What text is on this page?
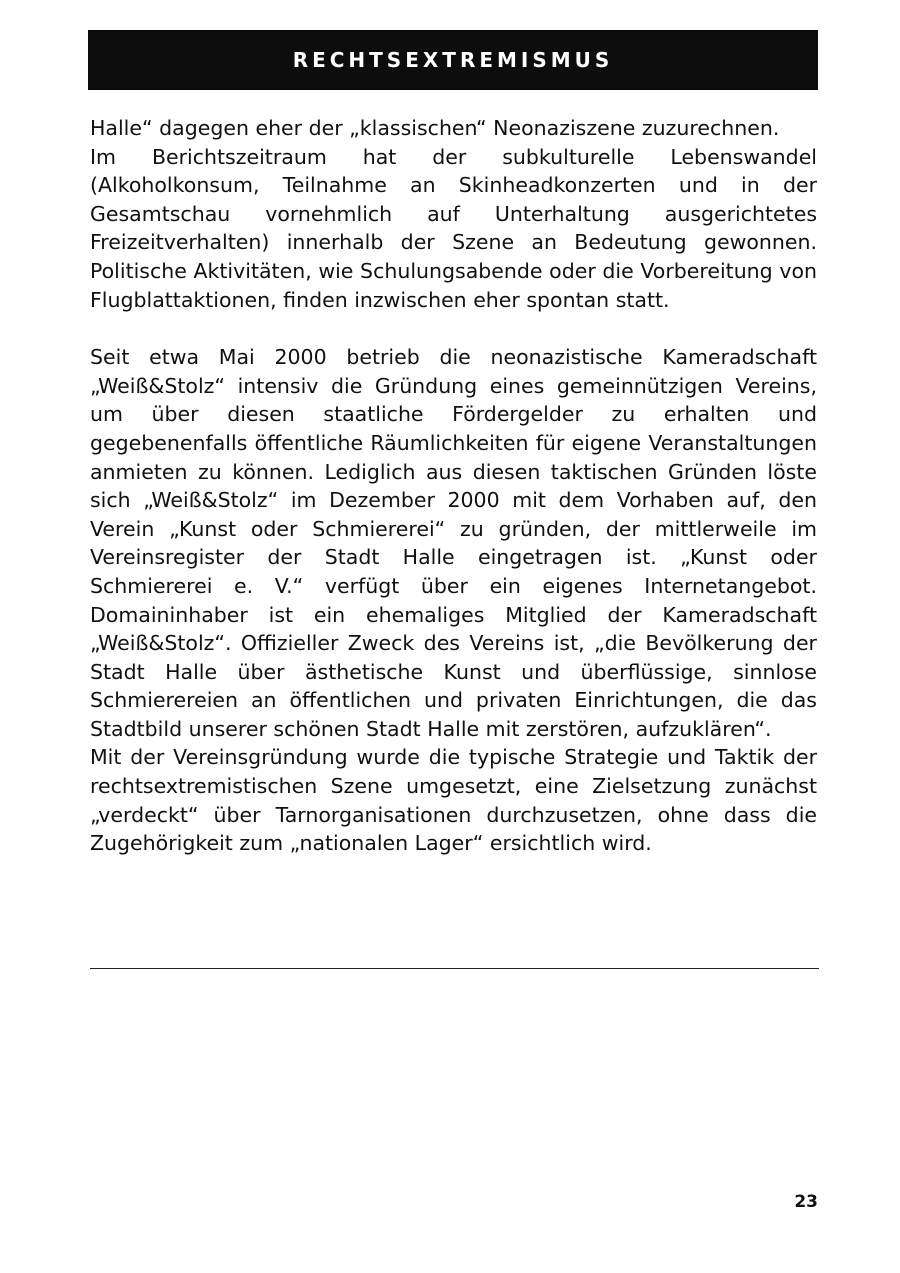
RECHTSEXTREMISMUS

Halle“ dagegen eher der „klassischen“ Neonaziszene zuzurechnen.

Im Berichtszeitraum hat der subkulturelle Lebenswandel (Alkoholkonsum, Teilnahme an Skinheadkonzerten und in der Gesamtschau vornehmlich auf Unterhaltung ausgerichtetes Freizeitverhalten) innerhalb der Szene an Bedeutung gewonnen. Politische Aktivitäten, wie Schulungsabende oder die Vorbereitung von Flugblattaktionen, finden inzwischen eher spontan statt.

Seit etwa Mai 2000 betrieb die neonazistische Kameradschaft „Weiß&Stolz“ intensiv die Gründung eines gemeinnützigen Vereins, um über diesen staatliche Fördergelder zu erhalten und gegebenenfalls öffentliche Räumlichkeiten für eigene Veranstaltungen anmieten zu können. Lediglich aus diesen taktischen Gründen löste sich „Weiß&Stolz“ im Dezember 2000 mit dem Vorhaben auf, den Verein „Kunst oder Schmiererei“ zu gründen, der mittlerweile im Vereinsregister der Stadt Halle eingetragen ist. „Kunst oder Schmiererei e. V.“ verfügt über ein eigenes Internetangebot. Domaininhaber ist ein ehemaliges Mitglied der Kameradschaft „Weiß&Stolz“. Offizieller Zweck des Vereins ist, „die Bevölkerung der Stadt Halle über ästhetische Kunst und überflüssige, sinnlose Schmierereien an öffentlichen und privaten Einrichtungen, die das Stadtbild unserer schönen Stadt Halle mit zerstören, aufzuklären“.

Mit der Vereinsgründung wurde die typische Strategie und Taktik der rechtsextremistischen Szene umgesetzt, eine Zielsetzung zunächst „verdeckt“ über Tarnorganisationen durchzusetzen, ohne dass die Zugehörigkeit zum „nationalen Lager“ ersichtlich wird.

23
